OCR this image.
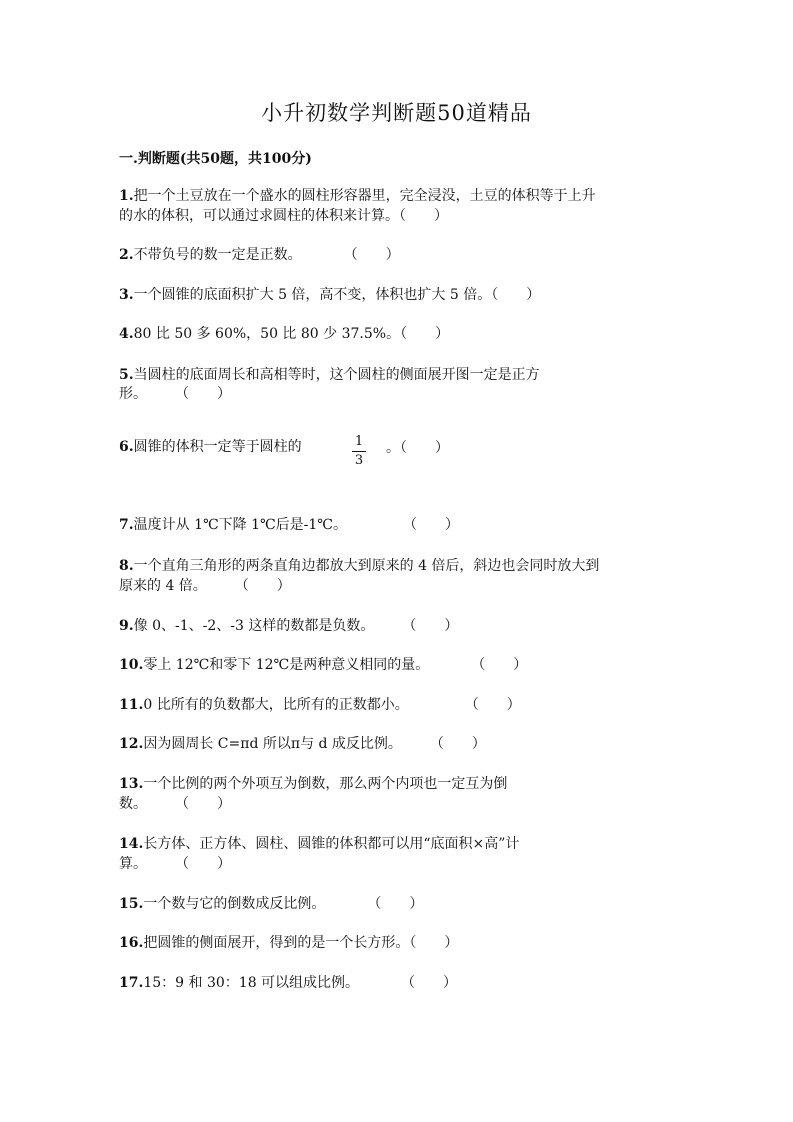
小升初数学判断题50道精品
一.判断题(共50题，共100分)
1.把一个土豆放在一个盛水的圆柱形容器里，完全浸没，土豆的体积等于上升
的水的体积，可以通过求圆柱的体积来计算。（　　）
2.不带负号的数一定是正数。　　　　（　　）
3.一个圆锥的底面积扩大 5 倍，高不变，体积也扩大 5 倍。（　　）
4.80 比 50 多 60%，50 比 80 少 37.5%。（　　）
5.当圆柱的底面周长和高相等时，这个圆柱的侧面展开图一定是正方
形。　　　（　　）
6.圆锥的体积一定等于圆柱的	1
3
。（　　）
7.温度计从 1℃下降 1℃后是-1℃。　　　　　（　　）
8.一个直角三角形的两条直角边都放大到原来的 4 倍后，斜边也会同时放大到
原来的 4 倍。　　　（　　）
9.像 0、-1、-2、-3 这样的数都是负数。　　　（　　）
10.零上 12℃和零下 12℃是两种意义相同的量。　　　　（　　）
11.0 比所有的负数都大，比所有的正数都小。　　　　　（　　）
12.因为圆周长 C=πd 所以π与 d 成反比例。　　　（　　）
13.一个比例的两个外项互为倒数，那么两个内项也一定互为倒
数。　　　（　　）
14.长方体、正方体、圆柱、圆锥的体积都可以用“底面积×高”计
算。　　　（　　）
15.一个数与它的倒数成反比例。　　　　（　　）
16.把圆锥的侧面展开，得到的是一个长方形。（　　）
17.15：9 和 30：18 可以组成比例。　　　　（　　）
